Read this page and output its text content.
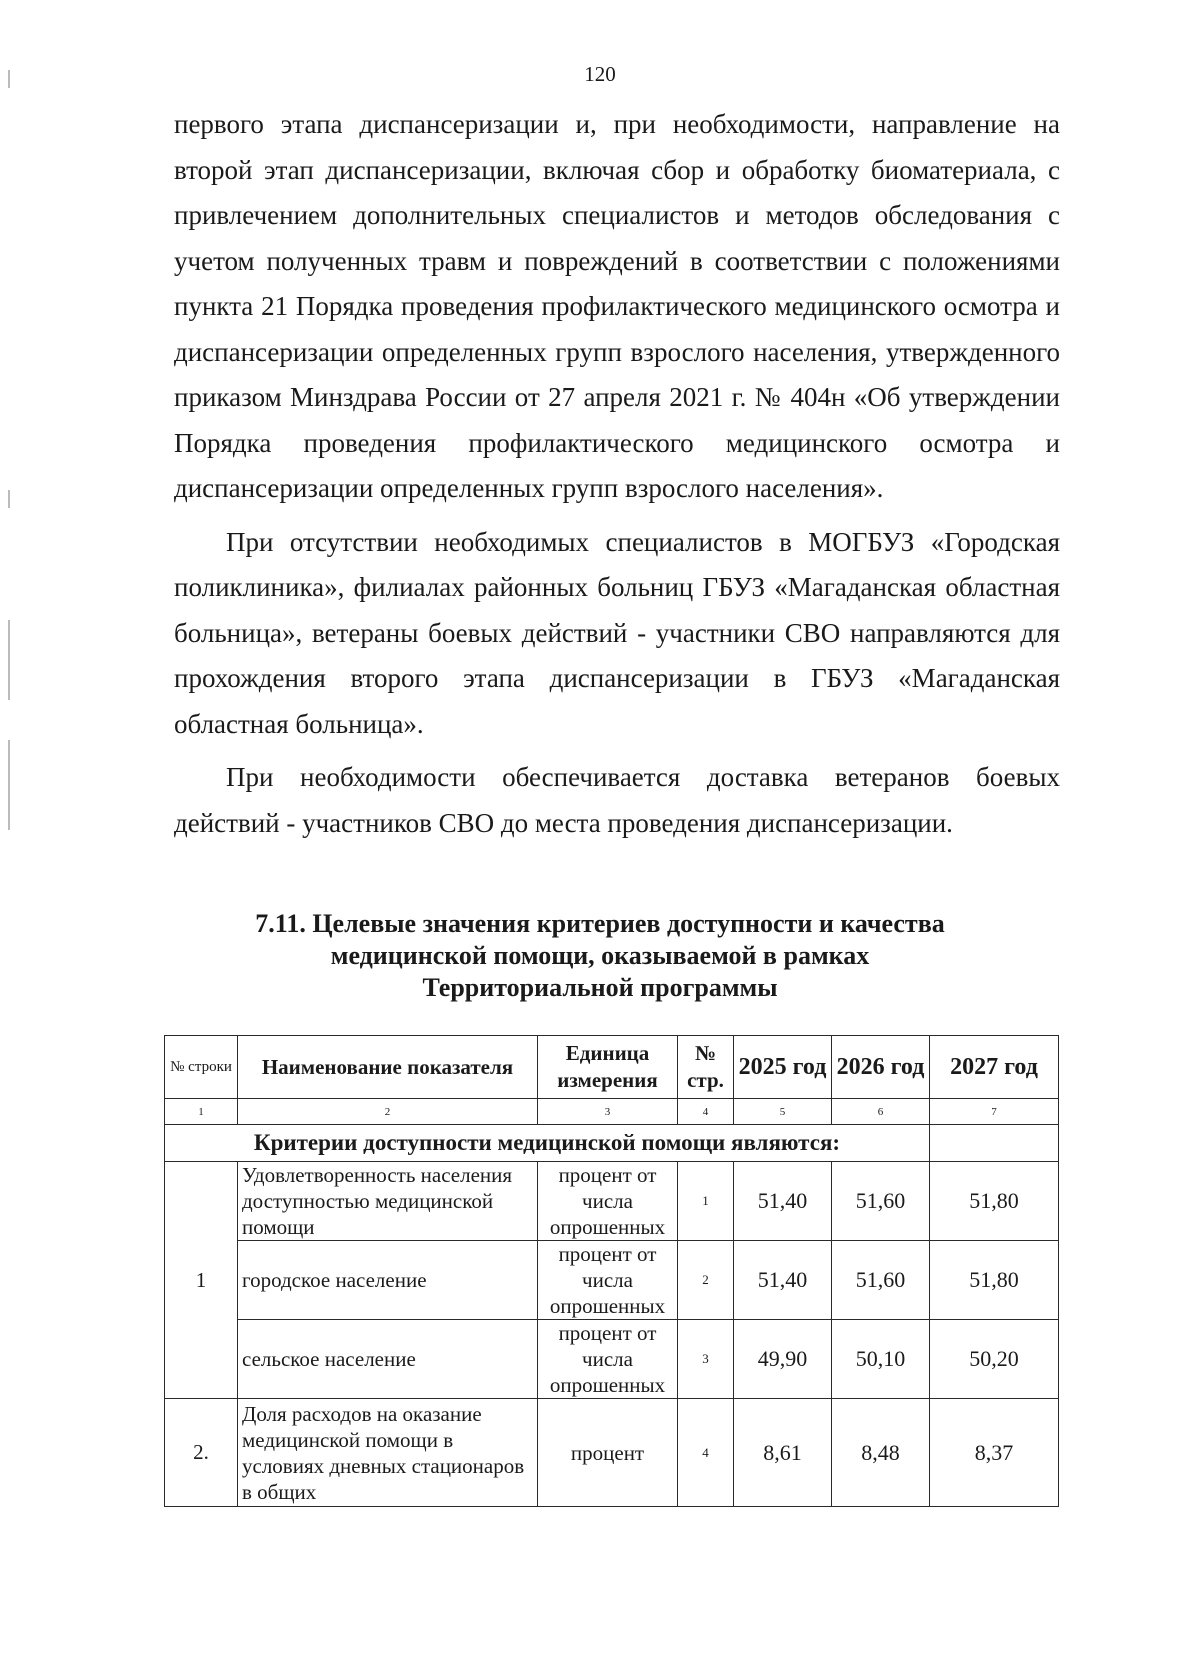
120

первого этапа диспансеризации и, при необходимости, направление на второй этап диспансеризации, включая сбор и обработку биоматериала, с привлечением дополнительных специалистов и методов обследования с учетом полученных травм и повреждений в соответствии с положениями пункта 21 Порядка проведения профилактического медицинского осмотра и диспансеризации определенных групп взрослого населения, утвержденного приказом Минздрава России от 27 апреля 2021 г. № 404н «Об утверждении Порядка проведения профилактического медицинского осмотра и диспансеризации определенных групп взрослого населения».

При отсутствии необходимых специалистов в МОГБУЗ «Городская поликлиника», филиалах районных больниц ГБУЗ «Магаданская областная больница», ветераны боевых действий - участники СВО направляются для прохождения второго этапа диспансеризации в ГБУЗ «Магаданская областная больница».

При необходимости обеспечивается доставка ветеранов боевых действий - участников СВО до места проведения диспансеризации.

7.11. Целевые значения критериев доступности и качества
медицинской помощи, оказываемой в рамках
Территориальной программы
№ строки	Наименование показателя	Единица измерения	№ стр.	2025 год	2026 год	2027 год
1	2	3	4	5	6	7
Критерии доступности медицинской помощи являются:						
1	Удовлетворенность населения доступностью медицинской помощи	процент от числа опрошенных	1	51,40	51,60	51,80
	городское население	процент от числа опрошенных	2	51,40	51,60	51,80
	сельское население	процент от числа опрошенных	3	49,90	50,10	50,20
2.	Доля расходов на оказание медицинской помощи в условиях дневных стационаров в общих	процент	4	8,61	8,48	8,37
